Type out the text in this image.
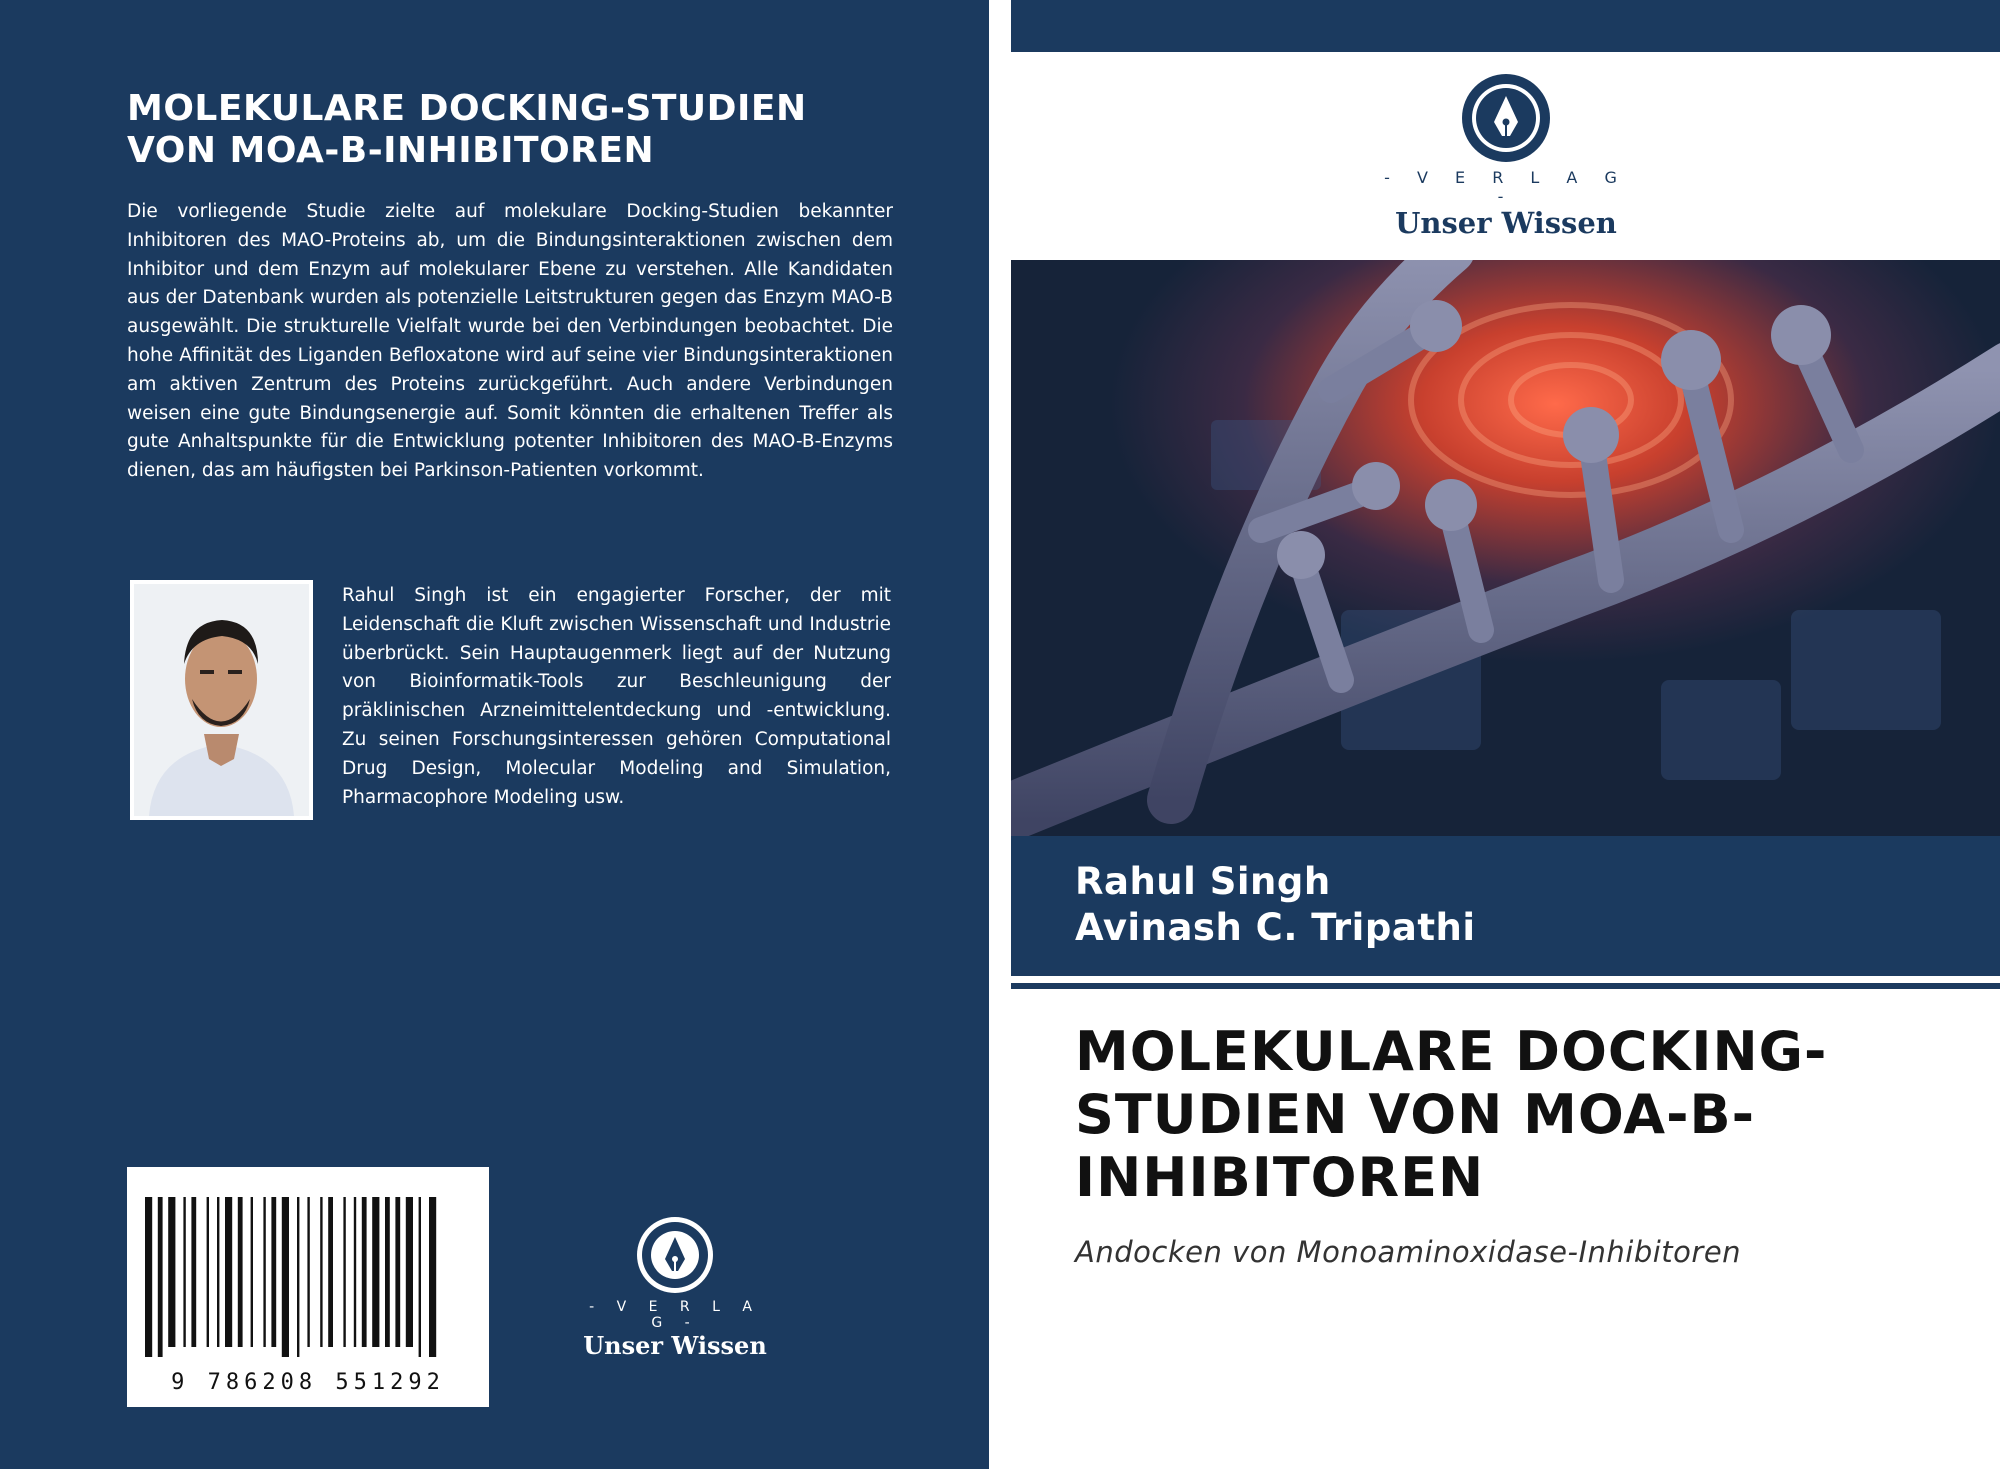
MOLEKULARE DOCKING-STUDIEN
VON MOA-B-INHIBITOREN
Die vorliegende Studie zielte auf molekulare Docking-Studien bekannter Inhibitoren des MAO-Proteins ab, um die Bindungsinteraktionen zwischen dem Inhibitor und dem Enzym auf molekularer Ebene zu verstehen. Alle Kandidaten aus der Datenbank wurden als potenzielle Leitstrukturen gegen das Enzym MAO-B ausgewählt. Die strukturelle Vielfalt wurde bei den Verbindungen beobachtet. Die hohe Affinität des Liganden Befloxatone wird auf seine vier Bindungsinteraktionen am aktiven Zentrum des Proteins zurückgeführt. Auch andere Verbindungen weisen eine gute Bindungsenergie auf. Somit könnten die erhaltenen Treffer als gute Anhaltspunkte für die Entwicklung potenter Inhibitoren des MAO-B-Enzyms dienen, das am häufigsten bei Parkinson-Patienten vorkommt.
Rahul Singh ist ein engagierter Forscher, der mit Leidenschaft die Kluft zwischen Wissenschaft und Industrie überbrückt. Sein Hauptaugenmerk liegt auf der Nutzung von Bioinformatik-Tools zur Beschleunigung der präklinischen Arzneimittelentdeckung und -entwicklung. Zu seinen Forschungsinteressen gehören Computational Drug Design, Molecular Modeling and Simulation, Pharmacophore Modeling usw.
9 786208 551292
- V E R L A G -
Unser Wissen
- V E R L A G -
Unser Wissen
Rahul Singh
Avinash C. Tripathi
MOLEKULARE DOCKING-
STUDIEN VON MOA-B-
INHIBITOREN
Andocken von Monoaminoxidase-Inhibitoren
